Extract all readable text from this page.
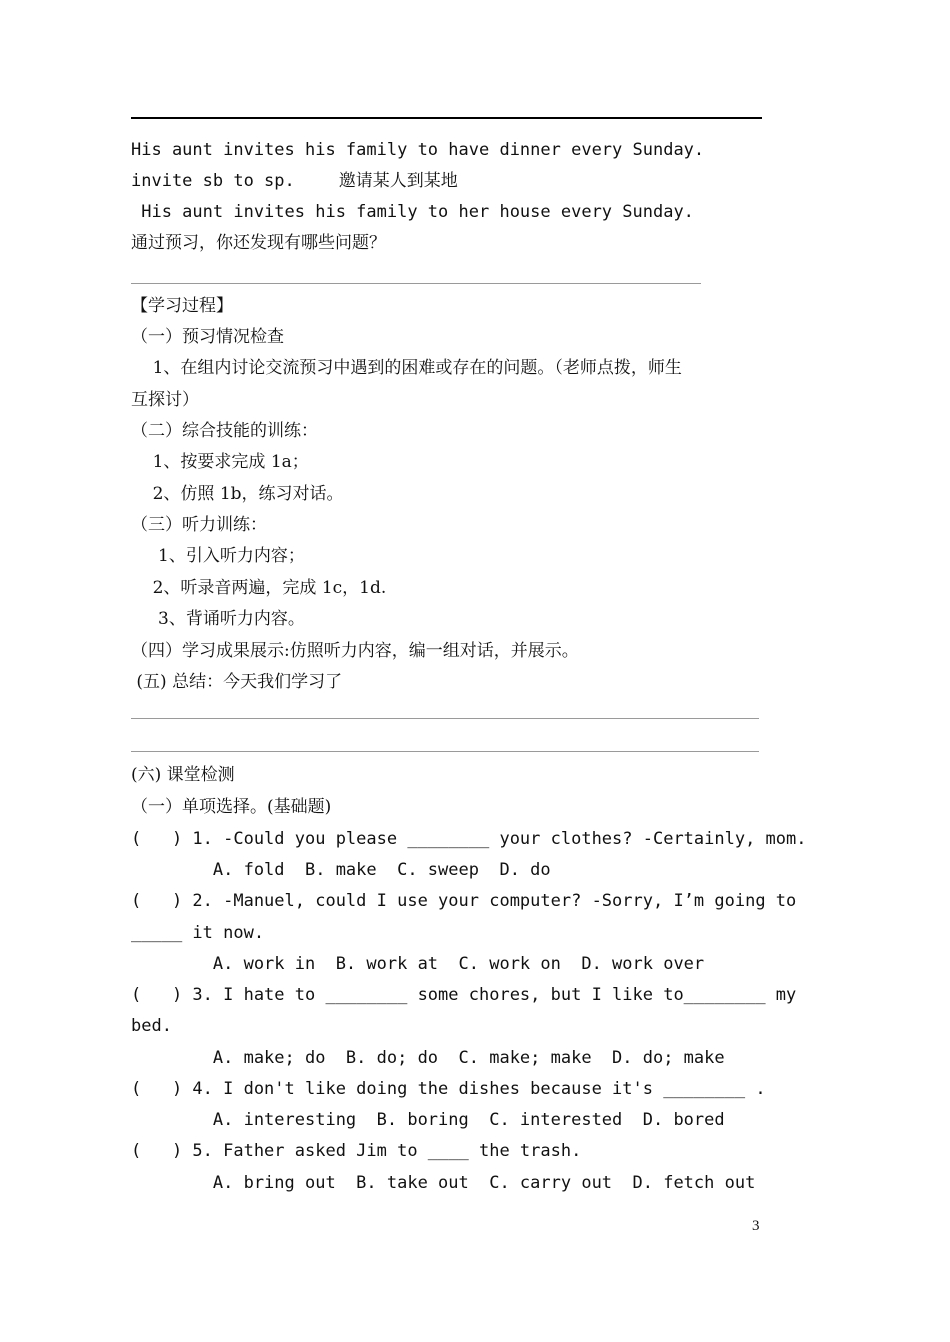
His aunt invites his family to have dinner every Sunday.
invite sb to sp.	邀请某人到某地
His aunt invites his family to her house every Sunday.
通过预习，你还发现有哪些问题？
【学习过程】
（一）预习情况检查
1、在组内讨论交流预习中遇到的困难或存在的问题。（老师点拨，师生
互探讨）
（二）综合技能的训练：
1、按要求完成 1a；
2、仿照 1b，练习对话。
（三）听力训练：
1、引入听力内容；
2、听录音两遍，完成 1c，1d.
3、背诵听力内容。
（四）学习成果展示:仿照听力内容，编一组对话，并展示。
(五) 总结：今天我们学习了
(六) 课堂检测
（一）单项选择。(基础题)
(   ) 1. -Could you please ________ your clothes? -Certainly, mom.
A. fold  B. make  C. sweep  D. do
(   ) 2. -Manuel, could I use your computer? -Sorry, I’m going to
_____ it now.
A. work in  B. work at  C. work on  D. work over
(   ) 3. I hate to ________ some chores, but I like to________ my
bed.
A. make; do  B. do; do  C. make; make  D. do; make
(   ) 4. I don't like doing the dishes because it's ________ .
A. interesting  B. boring  C. interested  D. bored
(   ) 5. Father asked Jim to ____ the trash.
A. bring out  B. take out  C. carry out  D. fetch out
3
